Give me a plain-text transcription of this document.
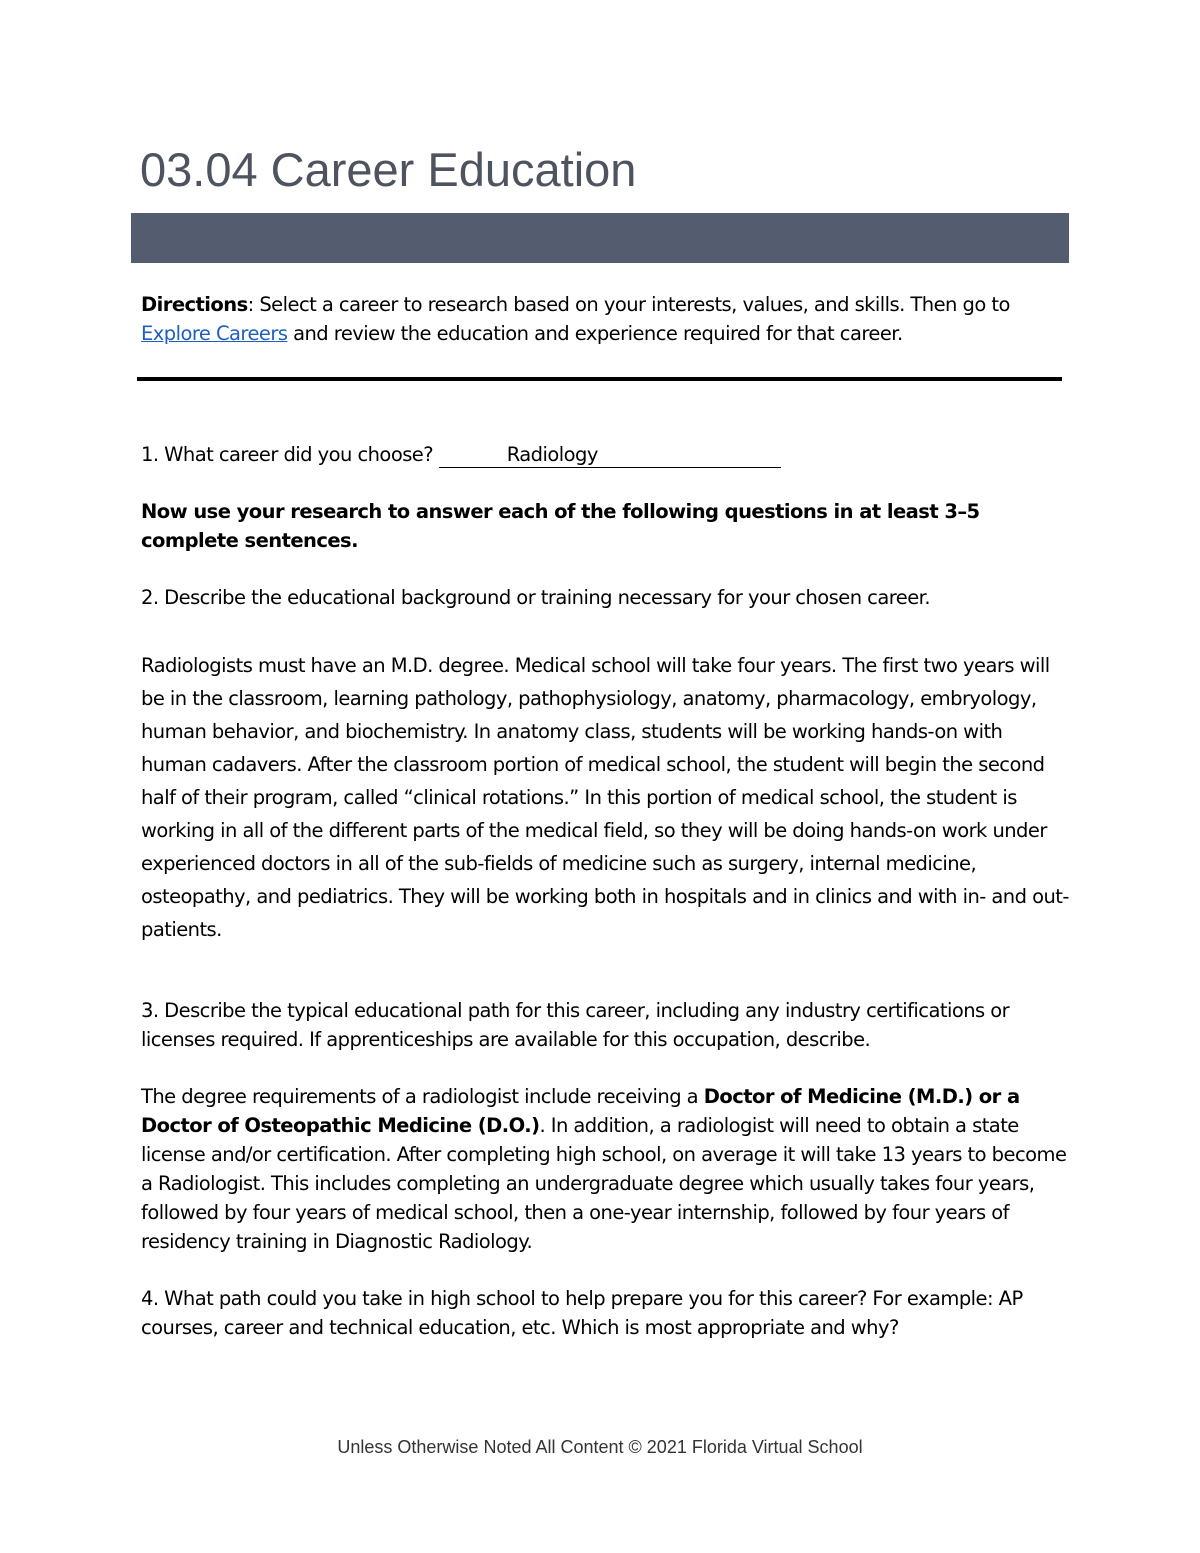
03.04 Career Education

Directions: Select a career to research based on your interests, values, and skills. Then go to Explore Careers and review the education and experience required for that career.

1. What career did you choose?	Radiology

Now use your research to answer each of the following questions in at least 3–5 complete sentences.

2. Describe the educational background or training necessary for your chosen career.

Radiologists must have an M.D. degree. Medical school will take four years. The first two years will be in the classroom, learning pathology, pathophysiology, anatomy, pharmacology, embryology, human behavior, and biochemistry. In anatomy class, students will be working hands-on with human cadavers. After the classroom portion of medical school, the student will begin the second half of their program, called “clinical rotations.” In this portion of medical school, the student is working in all of the different parts of the medical field, so they will be doing hands-on work under experienced doctors in all of the sub-fields of medicine such as surgery, internal medicine, osteopathy, and pediatrics. They will be working both in hospitals and in clinics and with in- and out-patients.

3. Describe the typical educational path for this career, including any industry certifications or licenses required. If apprenticeships are available for this occupation, describe.

The degree requirements of a radiologist include receiving a Doctor of Medicine (M.D.) or a Doctor of Osteopathic Medicine (D.O.). In addition, a radiologist will need to obtain a state license and/or certification. After completing high school, on average it will take 13 years to become a Radiologist. This includes completing an undergraduate degree which usually takes four years, followed by four years of medical school, then a one-year internship, followed by four years of residency training in Diagnostic Radiology.

4. What path could you take in high school to help prepare you for this career? For example: AP courses, career and technical education, etc. Which is most appropriate and why?

Unless Otherwise Noted All Content © 2021 Florida Virtual School
